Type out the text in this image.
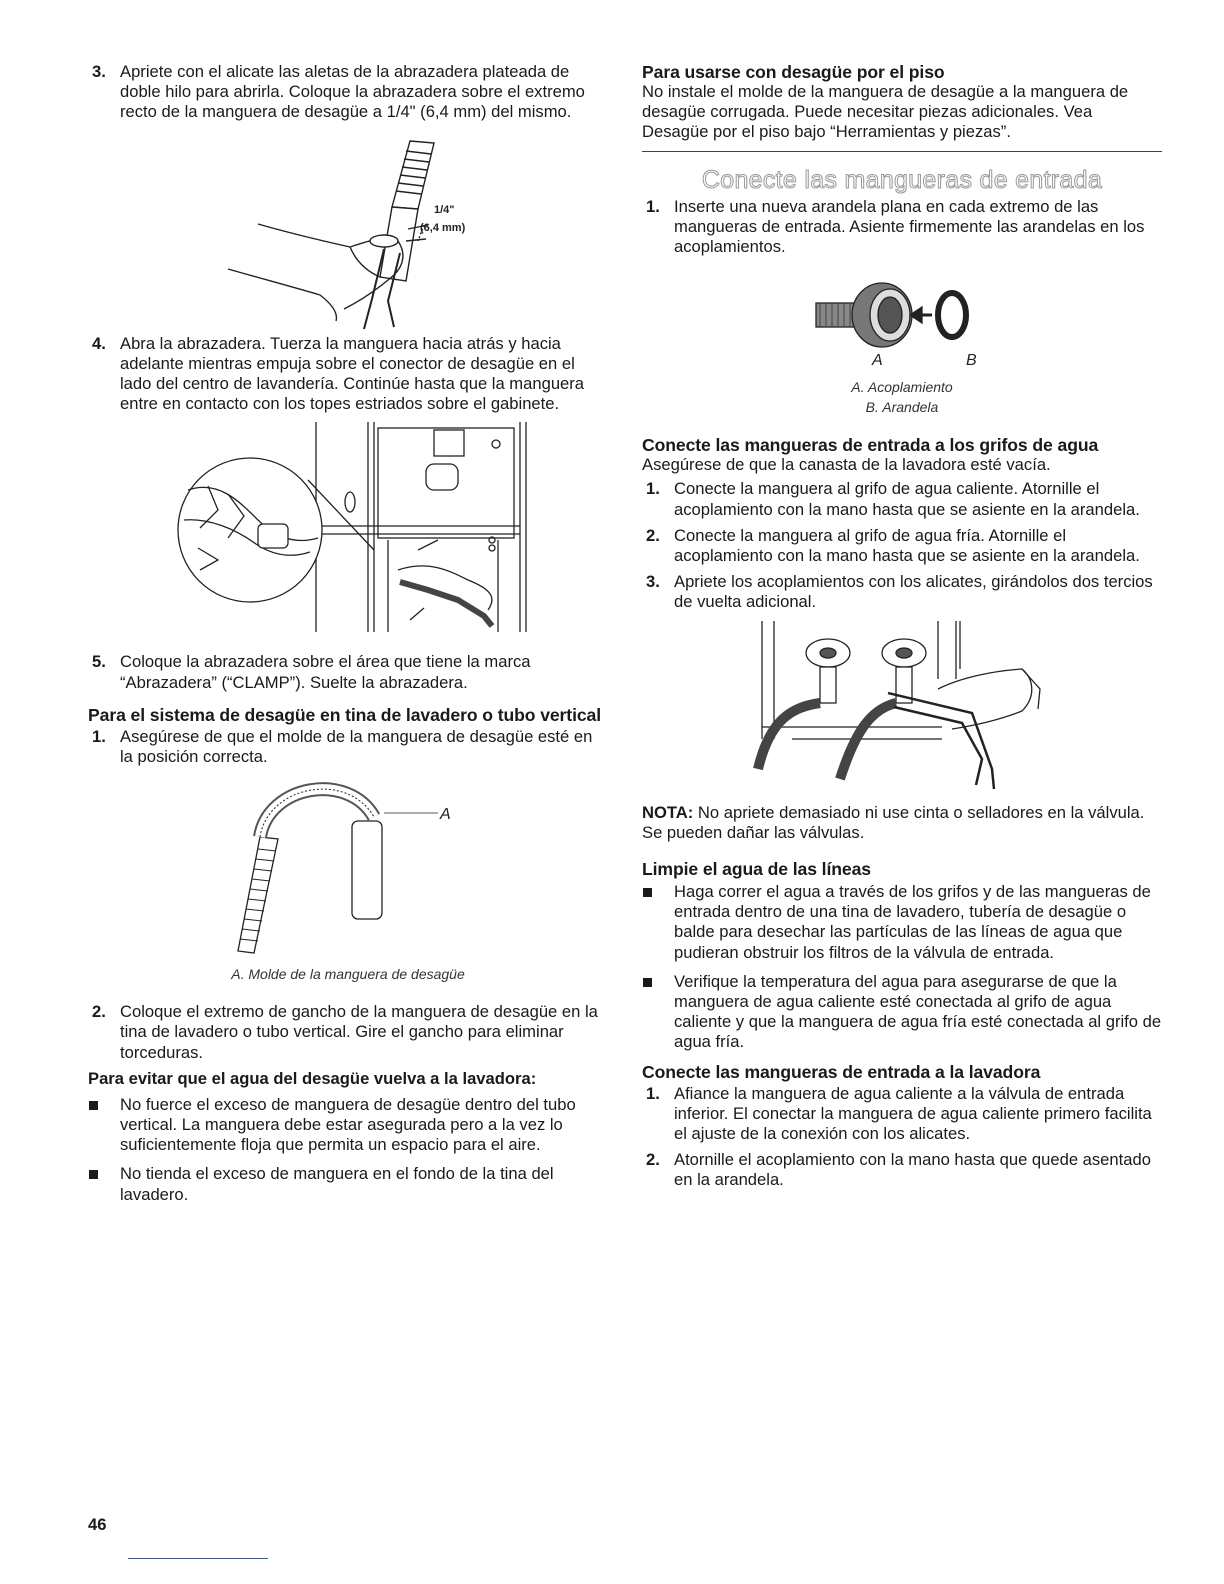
3. Apriete con el alicate las aletas de la abrazadera plateada de doble hilo para abrirla. Coloque la abrazadera sobre el extremo recto de la manguera de desagüe a 1/4" (6,4 mm) del mismo.
1/4"
(6,4 mm)
4. Abra la abrazadera. Tuerza la manguera hacia atrás y hacia adelante mientras empuja sobre el conector de desagüe en el lado del centro de lavandería. Continúe hasta que la manguera entre en contacto con los topes estriados sobre el gabinete.
5. Coloque la abrazadera sobre el área que tiene la marca “Abrazadera” (“CLAMP”). Suelte la abrazadera.
Para el sistema de desagüe en tina de lavadero o tubo vertical
1. Asegúrese de que el molde de la manguera de desagüe esté en la posición correcta.
A
A. Molde de la manguera de desagüe
2. Coloque el extremo de gancho de la manguera de desagüe en la tina de lavadero o tubo vertical. Gire el gancho para eliminar torceduras.
Para evitar que el agua del desagüe vuelva a la lavadora:
No fuerce el exceso de manguera de desagüe dentro del tubo vertical. La manguera debe estar asegurada pero a la vez lo suficientemente floja que permita un espacio para el aire.
No tienda el exceso de manguera en el fondo de la tina del lavadero.
Para usarse con desagüe por el piso
No instale el molde de la manguera de desagüe a la manguera de desagüe corrugada. Puede necesitar piezas adicionales. Vea Desagüe por el piso bajo “Herramientas y piezas”.
Conecte las mangueras de entrada
1. Inserte una nueva arandela plana en cada extremo de las mangueras de entrada. Asiente firmemente las arandelas en los acoplamientos.
A	B
A. Acoplamiento
B. Arandela
Conecte las mangueras de entrada a los grifos de agua
Asegúrese de que la canasta de la lavadora esté vacía.
1. Conecte la manguera al grifo de agua caliente. Atornille el acoplamiento con la mano hasta que se asiente en la arandela.
2. Conecte la manguera al grifo de agua fría. Atornille el acoplamiento con la mano hasta que se asiente en la arandela.
3. Apriete los acoplamientos con los alicates, girándolos dos tercios de vuelta adicional.
NOTA: No apriete demasiado ni use cinta o selladores en la válvula. Se pueden dañar las válvulas.
Limpie el agua de las líneas
Haga correr el agua a través de los grifos y de las mangueras de entrada dentro de una tina de lavadero, tubería de desagüe o balde para desechar las partículas de las líneas de agua que pudieran obstruir los filtros de la válvula de entrada.
Verifique la temperatura del agua para asegurarse de que la manguera de agua caliente esté conectada al grifo de agua caliente y que la manguera de agua fría esté conectada al grifo de agua fría.
Conecte las mangueras de entrada a la lavadora
1. Afiance la manguera de agua caliente a la válvula de entrada inferior. El conectar la manguera de agua caliente primero facilita el ajuste de la conexión con los alicates.
2. Atornille el acoplamiento con la mano hasta que quede asentado en la arandela.
46
